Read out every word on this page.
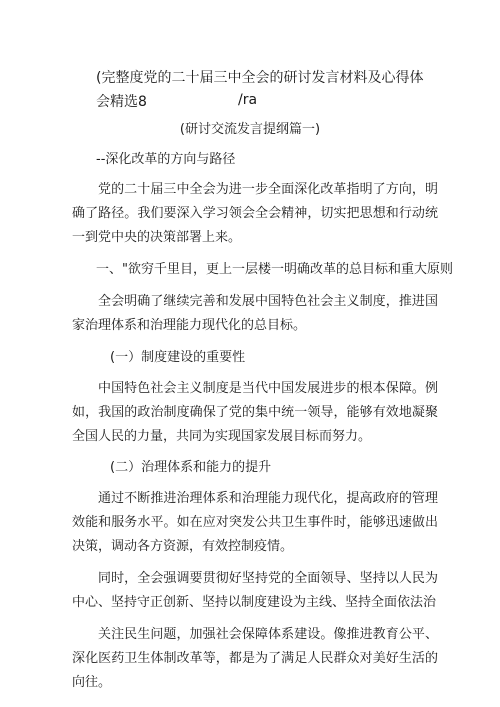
(完整度党的二十届三中全会的研讨发言材料及心得体会精选8	/ra
(研讨交流发言提纲篇一)
--深化改革的方向与路径
党的二十届三中全会为进一步全面深化改革指明了方向，明确了路径。我们要深入学习领会全会精神，切实把思想和行动统一到党中央的决策部署上来。
一、"欲穷千里目，更上一层楼一明确改革的总目标和重大原则
全会明确了继续完善和发展中国特色社会主义制度，推进国家治理体系和治理能力现代化的总目标。
(一）制度建设的重要性
中国特色社会主义制度是当代中国发展进步的根本保障。例如，我国的政治制度确保了党的集中统一领导，能够有效地凝聚全国人民的力量，共同为实现国家发展目标而努力。
(二）治理体系和能力的提升
通过不断推进治理体系和治理能力现代化，提高政府的管理效能和服务水平。如在应对突发公共卫生事件时，能够迅速做出决策，调动各方资源，有效控制疫情。
同时，全会强调要贯彻好坚持党的全面领导、坚持以人民为中心、坚持守正创新、坚持以制度建设为主线、坚持全面依法治
关注民生问题，加强社会保障体系建设。像推进教育公平、深化医药卫生体制改革等，都是为了满足人民群众对美好生活的向往。
